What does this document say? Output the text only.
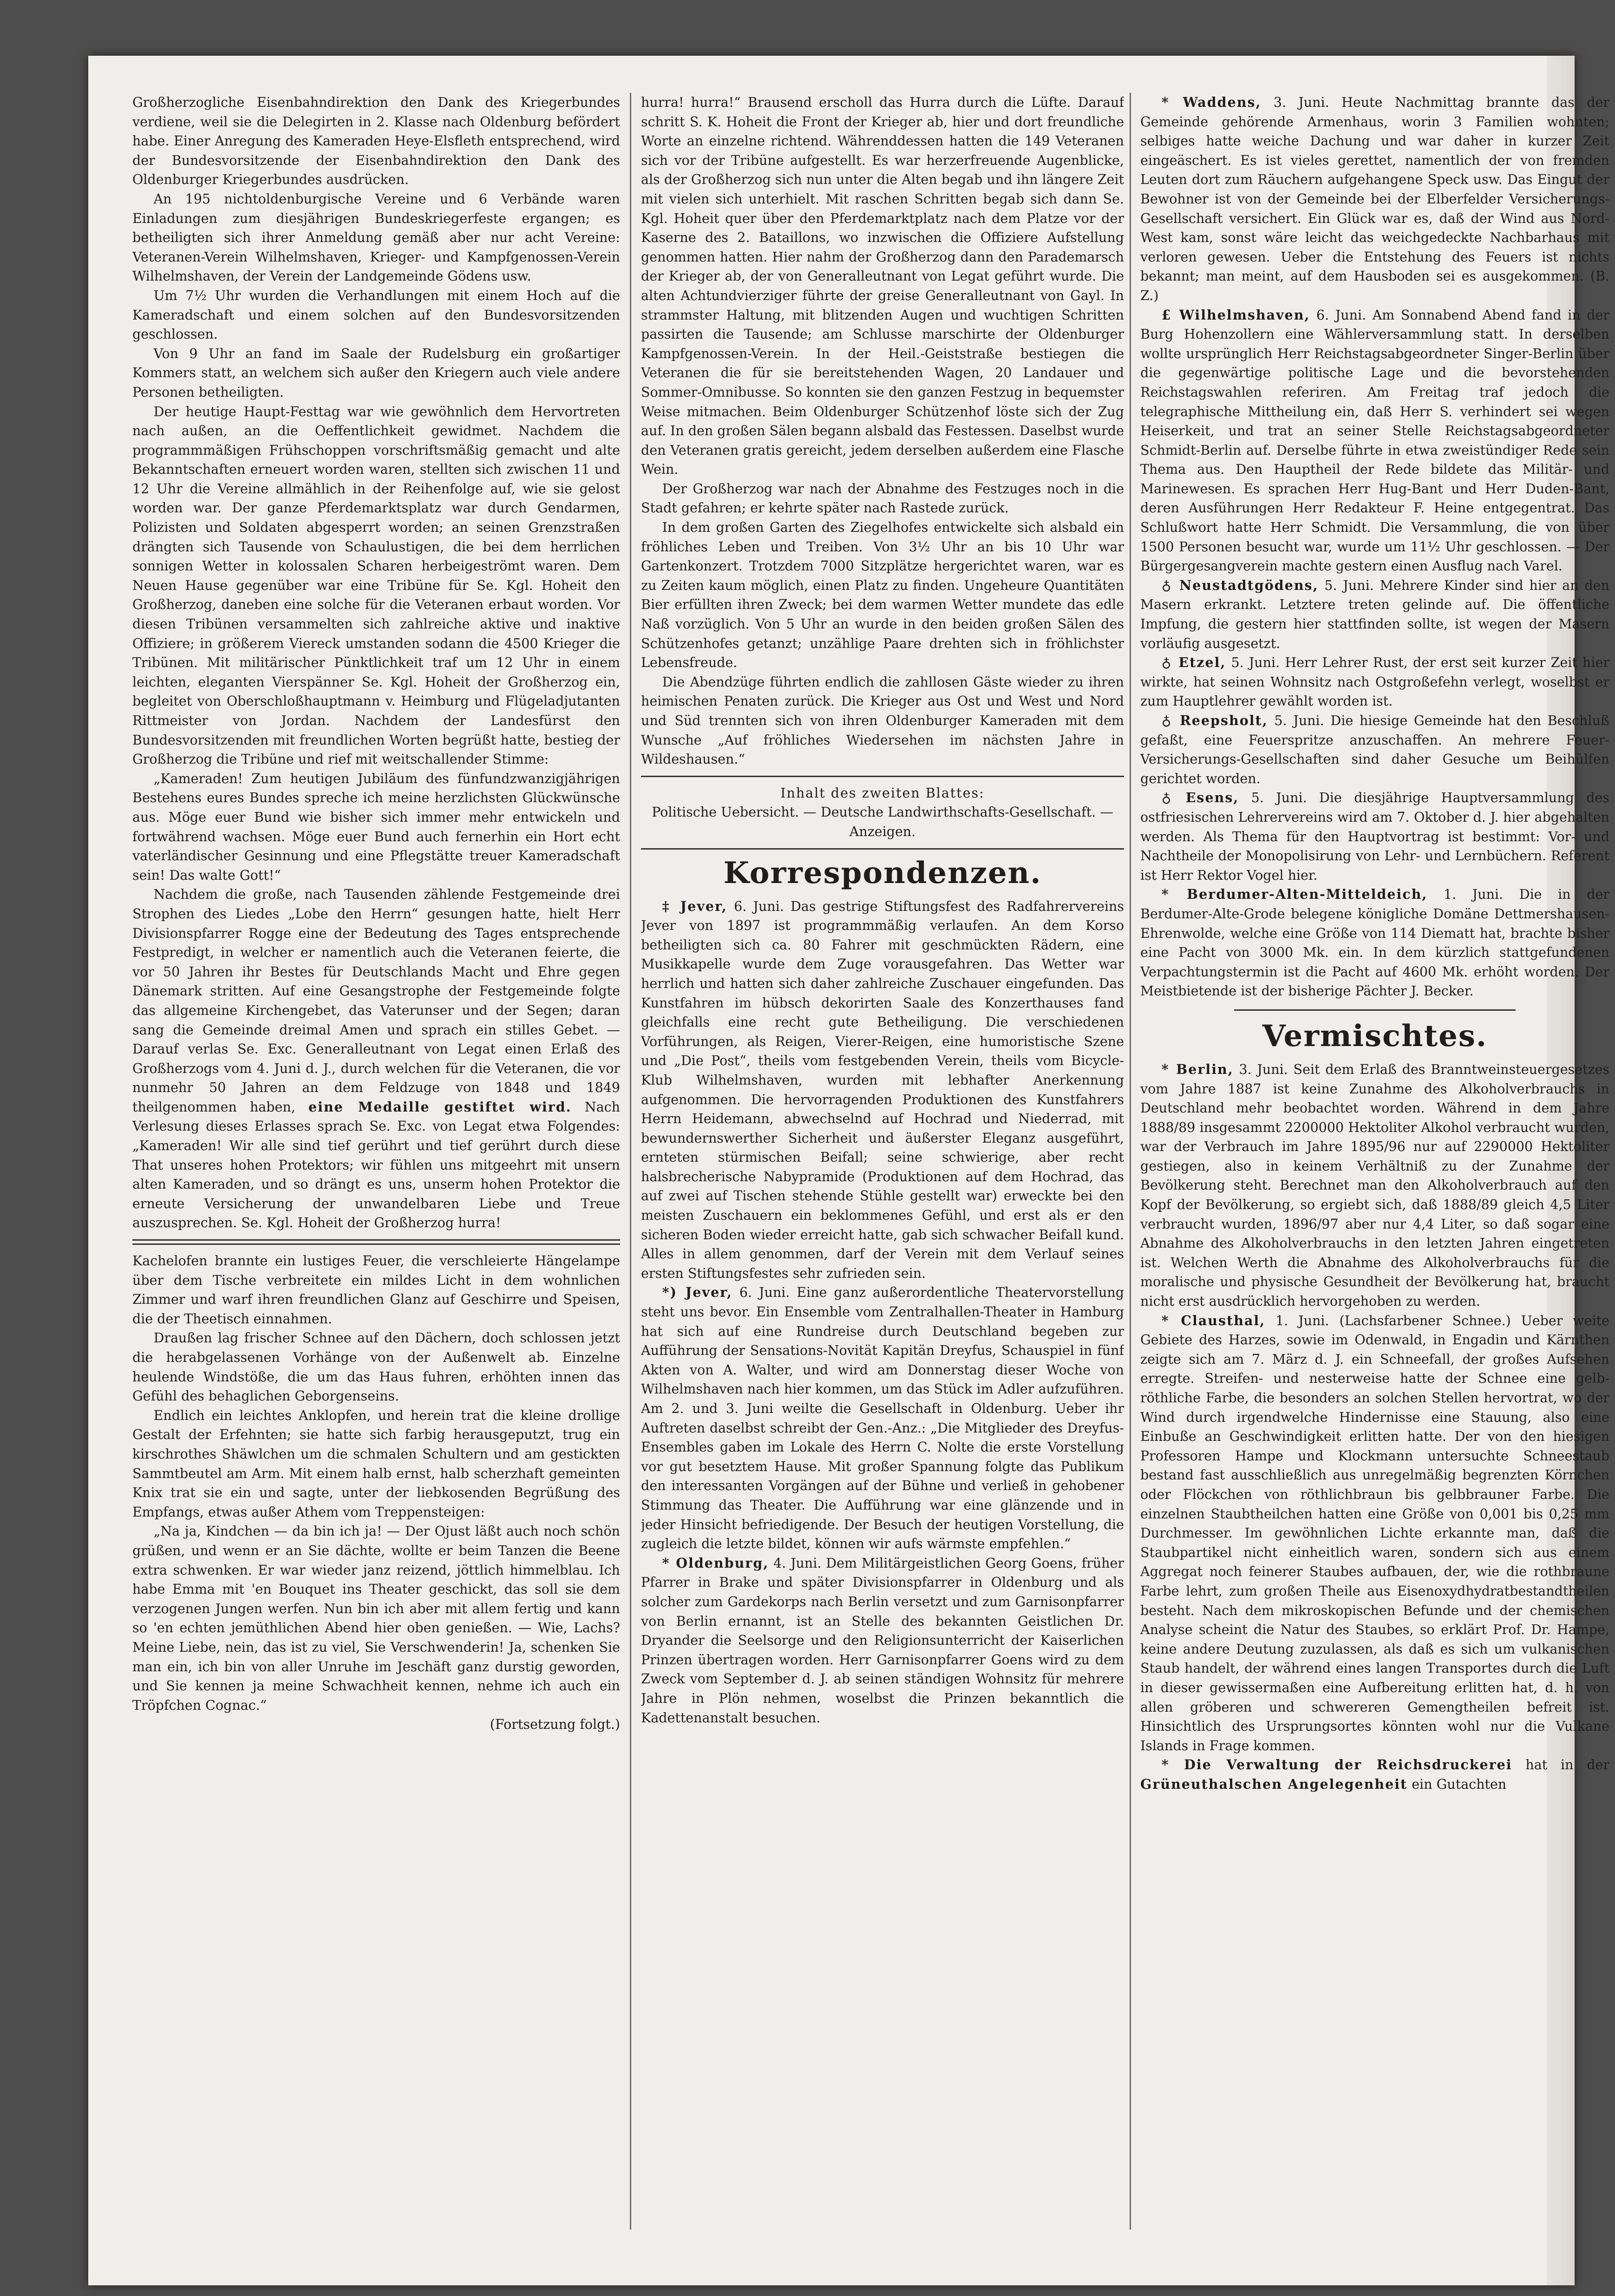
Großherzogliche Eisenbahndirektion den Dank des Kriegerbundes verdiene, weil sie die Delegirten in 2. Klasse nach Oldenburg befördert habe. Einer Anregung des Kameraden Heye-Elsfleth entsprechend, wird der Bundesvorsitzende der Eisenbahndirektion den Dank des Oldenburger Kriegerbundes ausdrücken.

An 195 nichtoldenburgische Vereine und 6 Verbände waren Einladungen zum diesjährigen Bundeskriegerfeste ergangen; es betheiligten sich ihrer Anmeldung gemäß aber nur acht Vereine: Veteranen-Verein Wilhelmshaven, Krieger- und Kampfgenossen-Verein Wilhelmshaven, der Verein der Landgemeinde Gödens usw.

Um 7½ Uhr wurden die Verhandlungen mit einem Hoch auf die Kameradschaft und einem solchen auf den Bundesvorsitzenden geschlossen.

Von 9 Uhr an fand im Saale der Rudelsburg ein großartiger Kommers statt, an welchem sich außer den Kriegern auch viele andere Personen betheiligten.

Der heutige Haupt-Festtag war wie gewöhnlich dem Hervortreten nach außen, an die Oeffentlichkeit gewidmet. Nachdem die programmmäßigen Frühschoppen vorschriftsmäßig gemacht und alte Bekanntschaften erneuert worden waren, stellten sich zwischen 11 und 12 Uhr die Vereine allmählich in der Reihenfolge auf, wie sie gelost worden war. Der ganze Pferdemarktsplatz war durch Gendarmen, Polizisten und Soldaten abgesperrt worden; an seinen Grenzstraßen drängten sich Tausende von Schaulustigen, die bei dem herrlichen sonnigen Wetter in kolossalen Scharen herbeigeströmt waren. Dem Neuen Hause gegenüber war eine Tribüne für Se. Kgl. Hoheit den Großherzog, daneben eine solche für die Veteranen erbaut worden. Vor diesen Tribünen versammelten sich zahlreiche aktive und inaktive Offiziere; in größerem Viereck umstanden sodann die 4500 Krieger die Tribünen. Mit militärischer Pünktlichkeit traf um 12 Uhr in einem leichten, eleganten Vierspänner Se. Kgl. Hoheit der Großherzog ein, begleitet von Oberschloßhauptmann v. Heimburg und Flügeladjutanten Rittmeister von Jordan. Nachdem der Landesfürst den Bundesvorsitzenden mit freundlichen Worten begrüßt hatte, bestieg der Großherzog die Tribüne und rief mit weitschallender Stimme:

„Kameraden! Zum heutigen Jubiläum des fünfundzwanzigjährigen Bestehens eures Bundes spreche ich meine herzlichsten Glückwünsche aus. Möge euer Bund wie bisher sich immer mehr entwickeln und fortwährend wachsen. Möge euer Bund auch fernerhin ein Hort echt vaterländischer Gesinnung und eine Pflegstätte treuer Kameradschaft sein! Das walte Gott!“

Nachdem die große, nach Tausenden zählende Festgemeinde drei Strophen des Liedes „Lobe den Herrn“ gesungen hatte, hielt Herr Divisionspfarrer Rogge eine der Bedeutung des Tages entsprechende Festpredigt, in welcher er namentlich auch die Veteranen feierte, die vor 50 Jahren ihr Bestes für Deutschlands Macht und Ehre gegen Dänemark stritten. Auf eine Gesangstrophe der Festgemeinde folgte das allgemeine Kirchengebet, das Vaterunser und der Segen; daran sang die Gemeinde dreimal Amen und sprach ein stilles Gebet. — Darauf verlas Se. Exc. Generalleutnant von Legat einen Erlaß des Großherzogs vom 4. Juni d. J., durch welchen für die Veteranen, die vor nunmehr 50 Jahren an dem Feldzuge von 1848 und 1849 theilgenommen haben, eine Medaille gestiftet wird. Nach Verlesung dieses Erlasses sprach Se. Exc. von Legat etwa Folgendes: „Kameraden! Wir alle sind tief gerührt und tief gerührt durch diese That unseres hohen Protektors; wir fühlen uns mitgeehrt mit unsern alten Kameraden, und so drängt es uns, unserm hohen Protektor die erneute Versicherung der unwandelbaren Liebe und Treue auszusprechen. Se. Kgl. Hoheit der Großherzog hurra!

Kachelofen brannte ein lustiges Feuer, die verschleierte Hängelampe über dem Tische verbreitete ein mildes Licht in dem wohnlichen Zimmer und warf ihren freundlichen Glanz auf Geschirre und Speisen, die der Theetisch einnahmen.

Draußen lag frischer Schnee auf den Dächern, doch schlossen jetzt die herabgelassenen Vorhänge von der Außenwelt ab. Einzelne heulende Windstöße, die um das Haus fuhren, erhöhten innen das Gefühl des behaglichen Geborgenseins.

Endlich ein leichtes Anklopfen, und herein trat die kleine drollige Gestalt der Erfehnten; sie hatte sich farbig herausgeputzt, trug ein kirschrothes Shäwlchen um die schmalen Schultern und am gestickten Sammtbeutel am Arm. Mit einem halb ernst, halb scherzhaft gemeinten Knix trat sie ein und sagte, unter der liebkosenden Begrüßung des Empfangs, etwas außer Athem vom Treppensteigen:

„Na ja, Kindchen — da bin ich ja! — Der Ojust läßt auch noch schön grüßen, und wenn er an Sie dächte, wollte er beim Tanzen die Beene extra schwenken. Er war wieder janz reizend, jöttlich himmelblau. Ich habe Emma mit 'en Bouquet ins Theater geschickt, das soll sie dem verzogenen Jungen werfen. Nun bin ich aber mit allem fertig und kann so 'en echten jemüthlichen Abend hier oben genießen. — Wie, Lachs? Meine Liebe, nein, das ist zu viel, Sie Verschwenderin! Ja, schenken Sie man ein, ich bin von aller Unruhe im Jeschäft ganz durstig geworden, und Sie kennen ja meine Schwachheit kennen, nehme ich auch ein Tröpfchen Cognac.“

(Fortsetzung folgt.)

hurra! hurra!“ Brausend erscholl das Hurra durch die Lüfte. Darauf schritt S. K. Hoheit die Front der Krieger ab, hier und dort freundliche Worte an einzelne richtend. Währenddessen hatten die 149 Veteranen sich vor der Tribüne aufgestellt. Es war herzerfreuende Augenblicke, als der Großherzog sich nun unter die Alten begab und ihn längere Zeit mit vielen sich unterhielt. Mit raschen Schritten begab sich dann Se. Kgl. Hoheit quer über den Pferdemarktplatz nach dem Platze vor der Kaserne des 2. Bataillons, wo inzwischen die Offiziere Aufstellung genommen hatten. Hier nahm der Großherzog dann den Parademarsch der Krieger ab, der von Generalleutnant von Legat geführt wurde. Die alten Achtundvierziger führte der greise Generalleutnant von Gayl. In strammster Haltung, mit blitzenden Augen und wuchtigen Schritten passirten die Tausende; am Schlusse marschirte der Oldenburger Kampfgenossen-Verein. In der Heil.-Geiststraße bestiegen die Veteranen die für sie bereitstehenden Wagen, 20 Landauer und Sommer-Omnibusse. So konnten sie den ganzen Festzug in bequemster Weise mitmachen. Beim Oldenburger Schützenhof löste sich der Zug auf. In den großen Sälen begann alsbald das Festessen. Daselbst wurde den Veteranen gratis gereicht, jedem derselben außerdem eine Flasche Wein.

Der Großherzog war nach der Abnahme des Festzuges noch in die Stadt gefahren; er kehrte später nach Rastede zurück.

In dem großen Garten des Ziegelhofes entwickelte sich alsbald ein fröhliches Leben und Treiben. Von 3½ Uhr an bis 10 Uhr war Gartenkonzert. Trotzdem 7000 Sitzplätze hergerichtet waren, war es zu Zeiten kaum möglich, einen Platz zu finden. Ungeheure Quantitäten Bier erfüllten ihren Zweck; bei dem warmen Wetter mundete das edle Naß vorzüglich. Von 5 Uhr an wurde in den beiden großen Sälen des Schützenhofes getanzt; unzählige Paare drehten sich in fröhlichster Lebensfreude.

Die Abendzüge führten endlich die zahllosen Gäste wieder zu ihren heimischen Penaten zurück. Die Krieger aus Ost und West und Nord und Süd trennten sich von ihren Oldenburger Kameraden mit dem Wunsche „Auf fröhliches Wiedersehen im nächsten Jahre in Wildeshausen.“

Inhalt des zweiten Blattes:
Politische Uebersicht. — Deutsche Landwirthschafts-Gesellschaft. — Anzeigen.
Korrespondenzen.

‡ Jever, 6. Juni. Das gestrige Stiftungsfest des Radfahrervereins Jever von 1897 ist programmmäßig verlaufen. An dem Korso betheiligten sich ca. 80 Fahrer mit geschmückten Rädern, eine Musikkapelle wurde dem Zuge vorausgefahren. Das Wetter war herrlich und hatten sich daher zahlreiche Zuschauer eingefunden. Das Kunstfahren im hübsch dekorirten Saale des Konzerthauses fand gleichfalls eine recht gute Betheiligung. Die verschiedenen Vorführungen, als Reigen, Vierer-Reigen, eine humoristische Szene und „Die Post“, theils vom festgebenden Verein, theils vom Bicycle-Klub Wilhelmshaven, wurden mit lebhafter Anerkennung aufgenommen. Die hervorragenden Produktionen des Kunstfahrers Herrn Heidemann, abwechselnd auf Hochrad und Niederrad, mit bewundernswerther Sicherheit und äußerster Eleganz ausgeführt, ernteten stürmischen Beifall; seine schwierige, aber recht halsbrecherische Nabypramide (Produktionen auf dem Hochrad, das auf zwei auf Tischen stehende Stühle gestellt war) erweckte bei den meisten Zuschauern ein beklommenes Gefühl, und erst als er den sicheren Boden wieder erreicht hatte, gab sich schwacher Beifall kund. Alles in allem genommen, darf der Verein mit dem Verlauf seines ersten Stiftungsfestes sehr zufrieden sein.

*) Jever, 6. Juni. Eine ganz außerordentliche Theatervorstellung steht uns bevor. Ein Ensemble vom Zentralhallen-Theater in Hamburg hat sich auf eine Rundreise durch Deutschland begeben zur Aufführung der Sensations-Novität Kapitän Dreyfus, Schauspiel in fünf Akten von A. Walter, und wird am Donnerstag dieser Woche von Wilhelmshaven nach hier kommen, um das Stück im Adler aufzuführen. Am 2. und 3. Juni weilte die Gesellschaft in Oldenburg. Ueber ihr Auftreten daselbst schreibt der Gen.-Anz.: „Die Mitglieder des Dreyfus-Ensembles gaben im Lokale des Herrn C. Nolte die erste Vorstellung vor gut besetztem Hause. Mit großer Spannung folgte das Publikum den interessanten Vorgängen auf der Bühne und verließ in gehobener Stimmung das Theater. Die Aufführung war eine glänzende und in jeder Hinsicht befriedigende. Der Besuch der heutigen Vorstellung, die zugleich die letzte bildet, können wir aufs wärmste empfehlen.“

* Oldenburg, 4. Juni. Dem Militärgeistlichen Georg Goens, früher Pfarrer in Brake und später Divisionspfarrer in Oldenburg und als solcher zum Gardekorps nach Berlin versetzt und zum Garnisonpfarrer von Berlin ernannt, ist an Stelle des bekannten Geistlichen Dr. Dryander die Seelsorge und den Religionsunterricht der Kaiserlichen Prinzen übertragen worden. Herr Garnisonpfarrer Goens wird zu dem Zweck vom September d. J. ab seinen ständigen Wohnsitz für mehrere Jahre in Plön nehmen, woselbst die Prinzen bekanntlich die Kadettenanstalt besuchen.

* Waddens, 3. Juni. Heute Nachmittag brannte das der Gemeinde gehörende Armenhaus, worin 3 Familien wohnten; selbiges hatte weiche Dachung und war daher in kurzer Zeit eingeäschert. Es ist vieles gerettet, namentlich der von fremden Leuten dort zum Räuchern aufgehangene Speck usw. Das Eingut der Bewohner ist von der Gemeinde bei der Elberfelder Versicherungs-Gesellschaft versichert. Ein Glück war es, daß der Wind aus Nord-West kam, sonst wäre leicht das weichgedeckte Nachbarhaus mit verloren gewesen. Ueber die Entstehung des Feuers ist nichts bekannt; man meint, auf dem Hausboden sei es ausgekommen. (B. Z.)

£ Wilhelmshaven, 6. Juni. Am Sonnabend Abend fand in der Burg Hohenzollern eine Wählerversammlung statt. In derselben wollte ursprünglich Herr Reichstagsabgeordneter Singer-Berlin über die gegenwärtige politische Lage und die bevorstehenden Reichstagswahlen referiren. Am Freitag traf jedoch die telegraphische Mittheilung ein, daß Herr S. verhindert sei wegen Heiserkeit, und trat an seiner Stelle Reichstagsabgeordneter Schmidt-Berlin auf. Derselbe führte in etwa zweistündiger Rede sein Thema aus. Den Hauptheil der Rede bildete das Militär- und Marinewesen. Es sprachen Herr Hug-Bant und Herr Duden-Bant, deren Ausführungen Herr Redakteur F. Heine entgegentrat. Das Schlußwort hatte Herr Schmidt. Die Versammlung, die von über 1500 Personen besucht war, wurde um 11½ Uhr geschlossen. — Der Bürgergesangverein machte gestern einen Ausflug nach Varel.

♁ Neustadtgödens, 5. Juni. Mehrere Kinder sind hier an den Masern erkrankt. Letztere treten gelinde auf. Die öffentliche Impfung, die gestern hier stattfinden sollte, ist wegen der Masern vorläufig ausgesetzt.

♁ Etzel, 5. Juni. Herr Lehrer Rust, der erst seit kurzer Zeit hier wirkte, hat seinen Wohnsitz nach Ostgroßefehn verlegt, woselbst er zum Hauptlehrer gewählt worden ist.

♁ Reepsholt, 5. Juni. Die hiesige Gemeinde hat den Beschluß gefaßt, eine Feuerspritze anzuschaffen. An mehrere Feuer-Versicherungs-Gesellschaften sind daher Gesuche um Beihülfen gerichtet worden.

♁ Esens, 5. Juni. Die diesjährige Hauptversammlung des ostfriesischen Lehrervereins wird am 7. Oktober d. J. hier abgehalten werden. Als Thema für den Hauptvortrag ist bestimmt: Vor- und Nachtheile der Monopolisirung von Lehr- und Lernbüchern. Referent ist Herr Rektor Vogel hier.

* Berdumer-Alten-Mitteldeich, 1. Juni. Die in der Berdumer-Alte-Grode belegene königliche Domäne Dettmershausen-Ehrenwolde, welche eine Größe von 114 Diematt hat, brachte bisher eine Pacht von 3000 Mk. ein. In dem kürzlich stattgefundenen Verpachtungstermin ist die Pacht auf 4600 Mk. erhöht worden. Der Meistbietende ist der bisherige Pächter J. Becker.

Vermischtes.

* Berlin, 3. Juni. Seit dem Erlaß des Branntweinsteuergesetzes vom Jahre 1887 ist keine Zunahme des Alkoholverbrauchs in Deutschland mehr beobachtet worden. Während in dem Jahre 1888/89 insgesammt 2200000 Hektoliter Alkohol verbraucht wurden, war der Verbrauch im Jahre 1895/96 nur auf 2290000 Hektoliter gestiegen, also in keinem Verhältniß zu der Zunahme der Bevölkerung steht. Berechnet man den Alkoholverbrauch auf den Kopf der Bevölkerung, so ergiebt sich, daß 1888/89 gleich 4,5 Liter verbraucht wurden, 1896/97 aber nur 4,4 Liter, so daß sogar eine Abnahme des Alkoholverbrauchs in den letzten Jahren eingetreten ist. Welchen Werth die Abnahme des Alkoholverbrauchs für die moralische und physische Gesundheit der Bevölkerung hat, braucht nicht erst ausdrücklich hervorgehoben zu werden.

* Clausthal, 1. Juni. (Lachsfarbener Schnee.) Ueber weite Gebiete des Harzes, sowie im Odenwald, in Engadin und Kärnthen zeigte sich am 7. März d. J. ein Schneefall, der großes Aufsehen erregte. Streifen- und nesterweise hatte der Schnee eine gelb-röthliche Farbe, die besonders an solchen Stellen hervortrat, wo der Wind durch irgendwelche Hindernisse eine Stauung, also eine Einbuße an Geschwindigkeit erlitten hatte. Der von den hiesigen Professoren Hampe und Klockmann untersuchte Schneestaub bestand fast ausschließlich aus unregelmäßig begrenzten Körnchen oder Flöckchen von röthlichbraun bis gelbbrauner Farbe. Die einzelnen Staubtheilchen hatten eine Größe von 0,001 bis 0,25 mm Durchmesser. Im gewöhnlichen Lichte erkannte man, daß die Staubpartikel nicht einheitlich waren, sondern sich aus einem Aggregat noch feinerer Staubes aufbauen, der, wie die rothbraune Farbe lehrt, zum großen Theile aus Eisenoxydhydratbestandtheilen besteht. Nach dem mikroskopischen Befunde und der chemischen Analyse scheint die Natur des Staubes, so erklärt Prof. Dr. Hampe, keine andere Deutung zuzulassen, als daß es sich um vulkanischen Staub handelt, der während eines langen Transportes durch die Luft in dieser gewissermaßen eine Aufbereitung erlitten hat, d. h. von allen gröberen und schwereren Gemengtheilen befreit ist. Hinsichtlich des Ursprungsortes könnten wohl nur die Vulkane Islands in Frage kommen.

* Die Verwaltung der Reichsdruckerei hat in der Grüneuthalschen Angelegenheit ein Gutachten
